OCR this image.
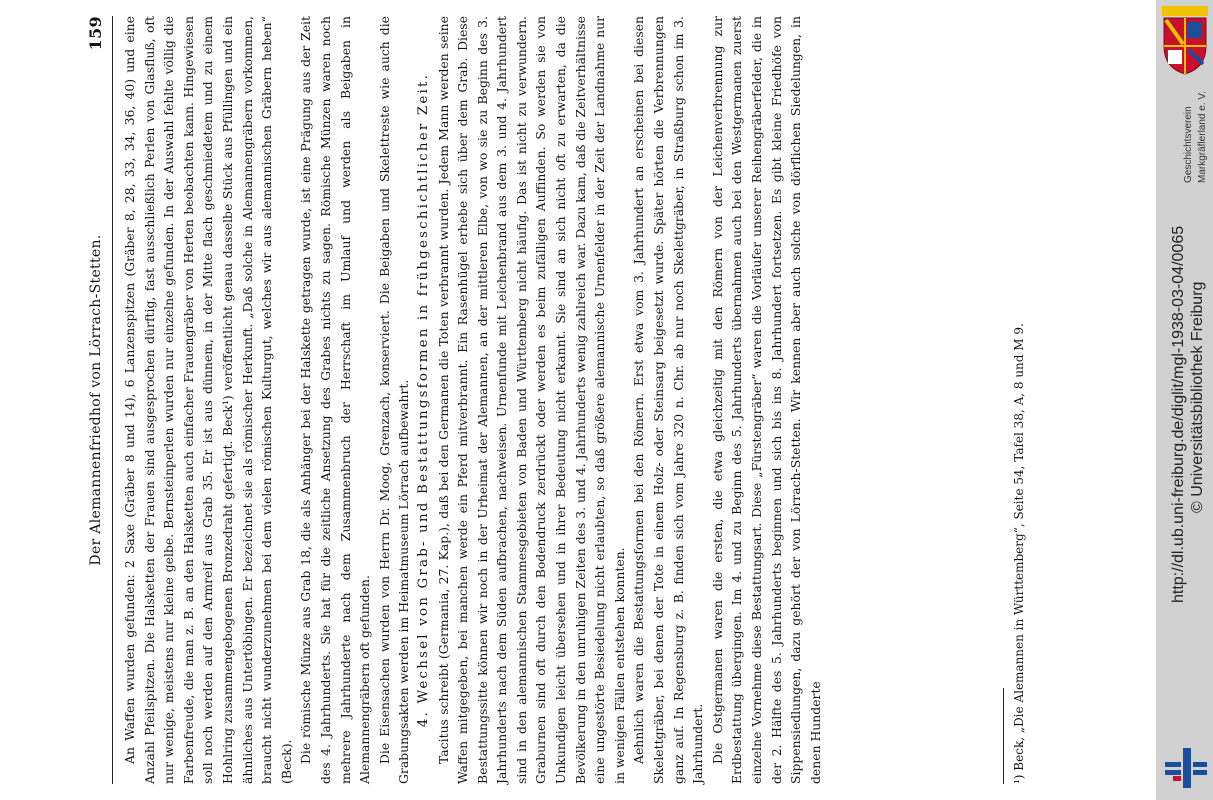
Der Alemannenfriedhof von Lörrach-Stetten.
159 An Waffen wurden gefunden: 2 Saxe (Gräber 8 und 14), 6 Lanzenspitzen (Gräber 8, 28, 33, 34, 36, 40) und eine Anzahl Pfeilspitzen. Die Halsketten der Frauen sind ausgesprochen dürftig, fast ausschließlich Perlen von Glasfluß, oft nur wenige, meistens nur kleine gelbe. Bernsteinperlen wurden nur einzelne gefunden. In der Auswahl fehlte völlig die Farbenfreude, die man z. B. an den Halsketten auch einfacher Frauengräber von Herten beobachten kann. Hingewiesen soll noch werden auf den Armreif aus Grab 35. Er ist aus dünnem, in der Mitte flach geschmiedetem und zu einem Hohlring zusammengebogenen Bronzedraht gefertigt. Beck¹) veröffentlicht genau dasselbe Stück aus Pfüllingen und ein ähnliches aus Untertöbingen. Er bezeichnet sie als römischer Herkunft. „Daß solche in Alemannengräbern vorkommen, braucht nicht wunderzunehmen bei dem vielen römischen Kulturgut, welches wir aus alemannischen Gräbern heben“ (Beck). Die römische Münze aus Grab 18, die als Anhänger bei der Halskette getragen wurde, ist eine Prägung aus der Zeit des 4. Jahrhunderts. Sie hat für die zeitliche Ansetzung des Grabes nichts zu sagen. Römische Münzen waren noch mehrere Jahrhunderte nach dem Zusammenbruch der Herrschaft im Umlauf und werden als Beigaben in Alemannengräbern oft gefunden. Die Eisensachen wurden von Herrn Dr. Moog, Grenzach, konserviert. Die Beigaben und Skelettreste wie auch die Grabungsakten werden im Heimatmuseum Lörrach aufbewahrt. 4. Wechsel von Grab- und Bestattungsformen in frühgeschichtlicher Zeit. Tacitus schreibt (Germania, 27. Kap.), daß bei den Germanen die Toten verbrannt wurden. Jedem Mann werden seine Waffen mitgegeben, bei manchen werde ein Pferd mitverbrannt. Ein Rasenhügel erhebe sich über dem Grab. Diese Bestattungssitte können wir noch in der Urheimat der Alemannen, an der mittleren Elbe, von wo sie zu Beginn des 3. Jahrhunderts nach dem Süden aufbrachen, nachweisen. Urnenfunde mit Leichenbrand aus dem 3. und 4. Jahrhundert sind in den alemannischen Stammesgebieten von Baden und Württemberg nicht häufig. Das ist nicht zu verwundern. Graburnen sind oft durch den Bodendruck zerdrückt oder werden es beim zufälligen Auffinden. So werden sie von Unkundigen leicht übersehen und in ihrer Bedeutung nicht erkannt. Sie sind an sich nicht oft zu erwarten, da die Bevölkerung in den unruhigen Zeiten des 3. und 4. Jahrhunderts wenig zahlreich war. Dazu kam, daß die Zeitverhältnisse eine ungestörte Besiedelung nicht erlaubten, so daß größere alemannische Urnenfelder in der Zeit der Landnahme nur in wenigen Fällen entstehen konnten. Aehnlich waren die Bestattungsformen bei den Römern. Erst etwa vom 3. Jahrhundert an erscheinen bei diesen Skelettgräber, bei denen der Tote in einem Holz- oder Steinsarg beigesetzt wurde. Später hörten die Verbrennungen ganz auf. In Regensburg z. B. finden sich vom Jahre 320 n. Chr. ab nur noch Skelettgräber, in Straßburg schon im 3. Jahrhundert. Die Ostgermanen waren die ersten, die etwa gleichzeitig mit den Römern von der Leichenverbrennung zur Erdbestattung übergingen. Im 4. und zu Beginn des 5. Jahrhunderts übernahmen auch bei den Westgermanen zuerst einzelne Vornehme diese Bestattungsart. Diese „Fürstengräber“ waren die Vorläufer unserer Reihengräberfelder, die in der 2. Hälfte des 5. Jahrhunderts beginnen und sich bis ins 8. Jahrhundert fortsetzen. Es gibt kleine Friedhöfe von Sippensiedlungen, dazu gehört der von Lörrach-Stetten. Wir kennen aber auch solche von dörflichen Siedelungen, in denen Hunderte	¹) Beck, „Die Alemannen in Württemberg“, Seite 54, Tafel 38, A, 8 und M 9.	http://dl.ub.uni-freiburg.de/diglit/mgl-1938-03-04/0065 © Universitätsbibliothek Freiburg
Geschichtsverein Markgräflerland e. V.
